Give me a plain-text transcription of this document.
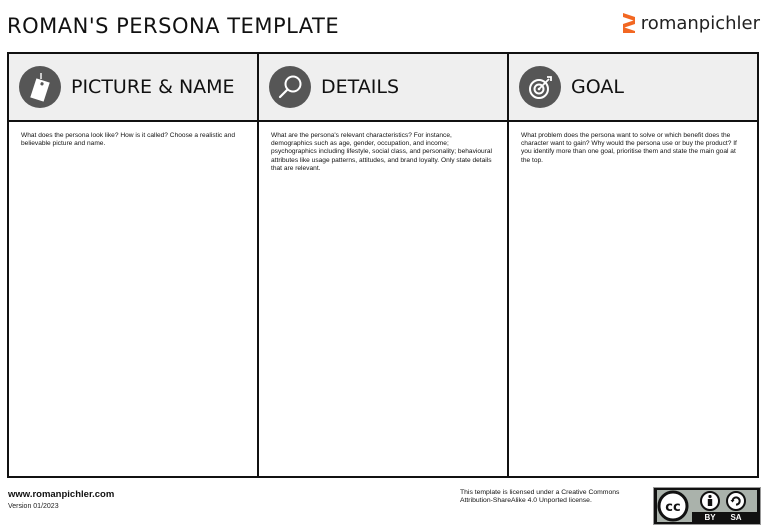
ROMAN'S PERSONA TEMPLATE	romanpichler
PICTURE & NAME
What does the persona look like? How is it called? Choose a realistic and believable picture and name.
DETAILS
What are the persona's relevant characteristics? For instance, demographics such as age, gender, occupation, and income; psychographics including lifestyle, social class, and personality; behavioural attributes like usage patterns, attitudes, and brand loyalty. Only state details that are relevant.
GOAL
What problem does the persona want to solve or which benefit does the character want to gain? Why would the persona use or buy the product? If you identify more than one goal, prioritise them and state the main goal at the top.
www.romanpichler.com
Version 01/2023
This template is licensed under a Creative Commons Attribution-ShareAlike 4.0 Unported license.	cc
BY SA
